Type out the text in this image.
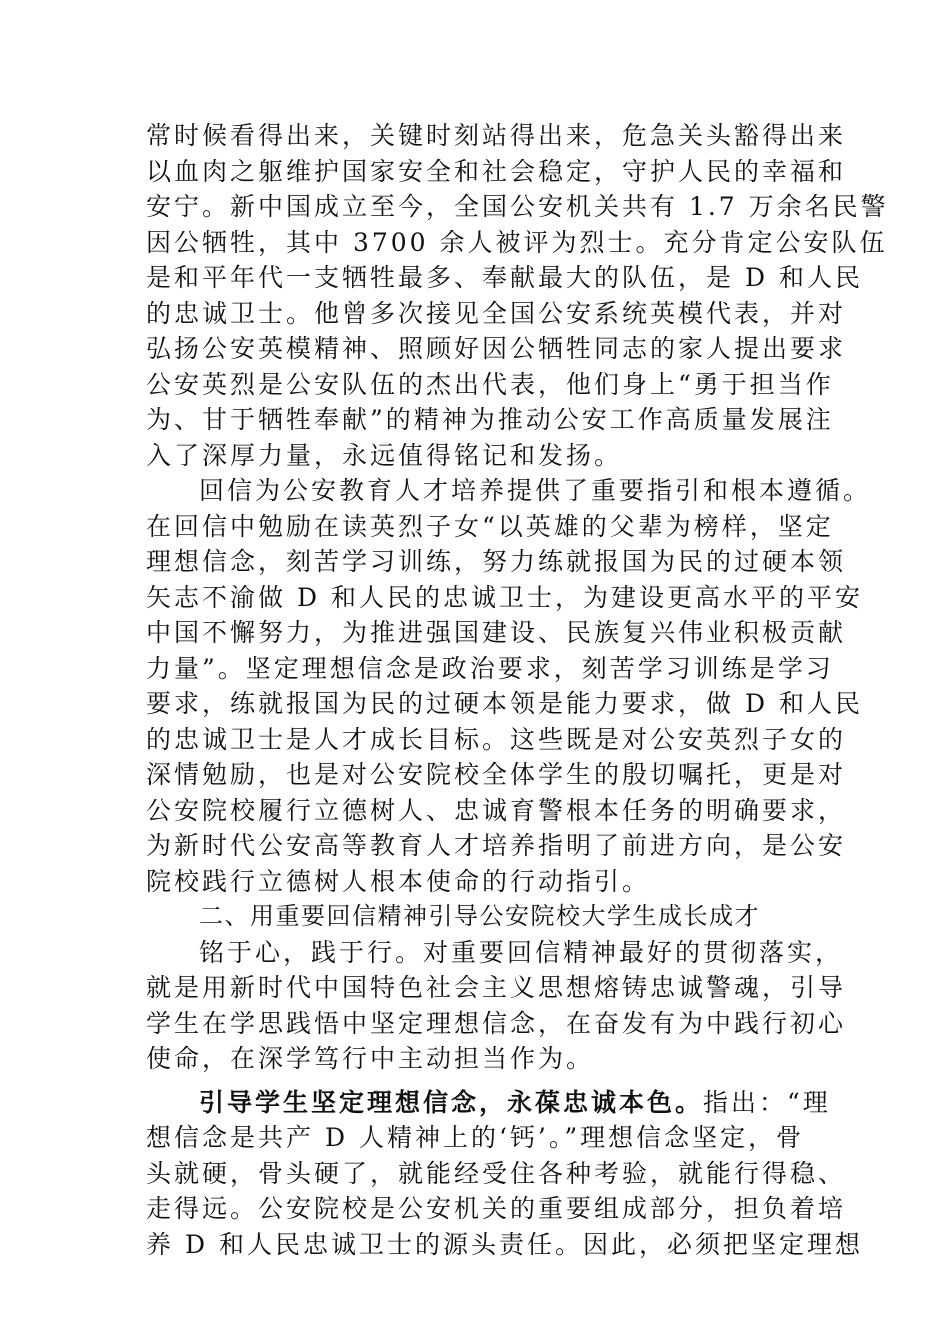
常时候看得出来，关键时刻站得出来，危急关头豁得出来
以血肉之躯维护国家安全和社会稳定，守护人民的幸福和
安宁。新中国成立至今，全国公安机关共有 1.7 万余名民警
因公牺牲，其中 3700 余人被评为烈士。充分肯定公安队伍
是和平年代一支牺牲最多、奉献最大的队伍，是 D 和人民
的忠诚卫士。他曾多次接见全国公安系统英模代表，并对
弘扬公安英模精神、照顾好因公牺牲同志的家人提出要求
公安英烈是公安队伍的杰出代表，他们身上“勇于担当作
为、甘于牺牲奉献”的精神为推动公安工作高质量发展注
入了深厚力量，永远值得铭记和发扬。
回信为公安教育人才培养提供了重要指引和根本遵循。
在回信中勉励在读英烈子女“以英雄的父辈为榜样，坚定
理想信念，刻苦学习训练，努力练就报国为民的过硬本领
矢志不渝做 D 和人民的忠诚卫士，为建设更高水平的平安
中国不懈努力，为推进强国建设、民族复兴伟业积极贡献
力量”。坚定理想信念是政治要求，刻苦学习训练是学习
要求，练就报国为民的过硬本领是能力要求，做 D 和人民
的忠诚卫士是人才成长目标。这些既是对公安英烈子女的
深情勉励，也是对公安院校全体学生的殷切嘱托，更是对
公安院校履行立德树人、忠诚育警根本任务的明确要求，
为新时代公安高等教育人才培养指明了前进方向，是公安
院校践行立德树人根本使命的行动指引。
二、用重要回信精神引导公安院校大学生成长成才
铭于心，践于行。对重要回信精神最好的贯彻落实，
就是用新时代中国特色社会主义思想熔铸忠诚警魂，引导
学生在学思践悟中坚定理想信念，在奋发有为中践行初心
使命，在深学笃行中主动担当作为。
引导学生坚定理想信念，永葆忠诚本色。指出：“理
想信念是共产 D 人精神上的‘钙’。”理想信念坚定，骨
头就硬，骨头硬了，就能经受住各种考验，就能行得稳、
走得远。公安院校是公安机关的重要组成部分，担负着培
养 D 和人民忠诚卫士的源头责任。因此，必须把坚定理想
